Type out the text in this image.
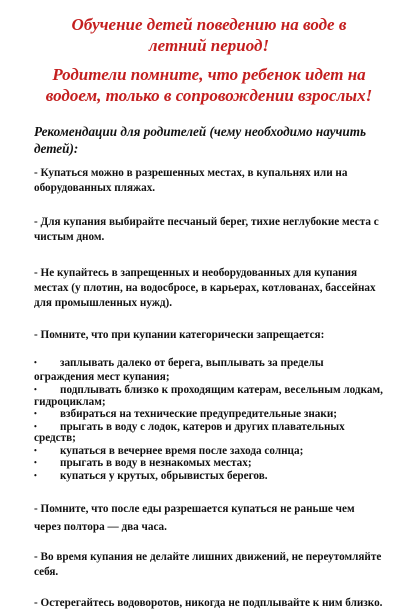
Обучение детей поведению на воде в летний период!
Родители помните, что ребенок идет на водоем, только в сопровождении взрослых!

Рекомендации для родителей (чему необходимо научить детей):

- Купаться можно в разрешенных местах, в купальнях или на оборудованных пляжах.

- Для купания выбирайте песчаный берег, тихие неглубокие места с чистым дном.

- Не купайтесь в запрещенных и необорудованных для купания местах (у плотин, на водосбросе, в карьерах, котлованах, бассейнах для промышленных нужд).

- Помните, что при купании категорически запрещается:

• заплывать далеко от берега, выплывать за пределы ограждения мест купания;
• подплывать близко к проходящим катерам, весельным лодкам, гидроциклам;
• взбираться на технические предупредительные знаки;
• прыгать в воду с лодок, катеров и других плавательных средств;
• купаться в вечернее время после захода солнца;
• прыгать в воду в незнакомых местах;
• купаться у крутых, обрывистых берегов.

- Помните, что после еды разрешается купаться не раньше чем через полтора — два часа.

- Во время купания не делайте лишних движений, не переутомляйте себя.

- Остерегайтесь водоворотов, никогда не подплывайте к ним близко.
